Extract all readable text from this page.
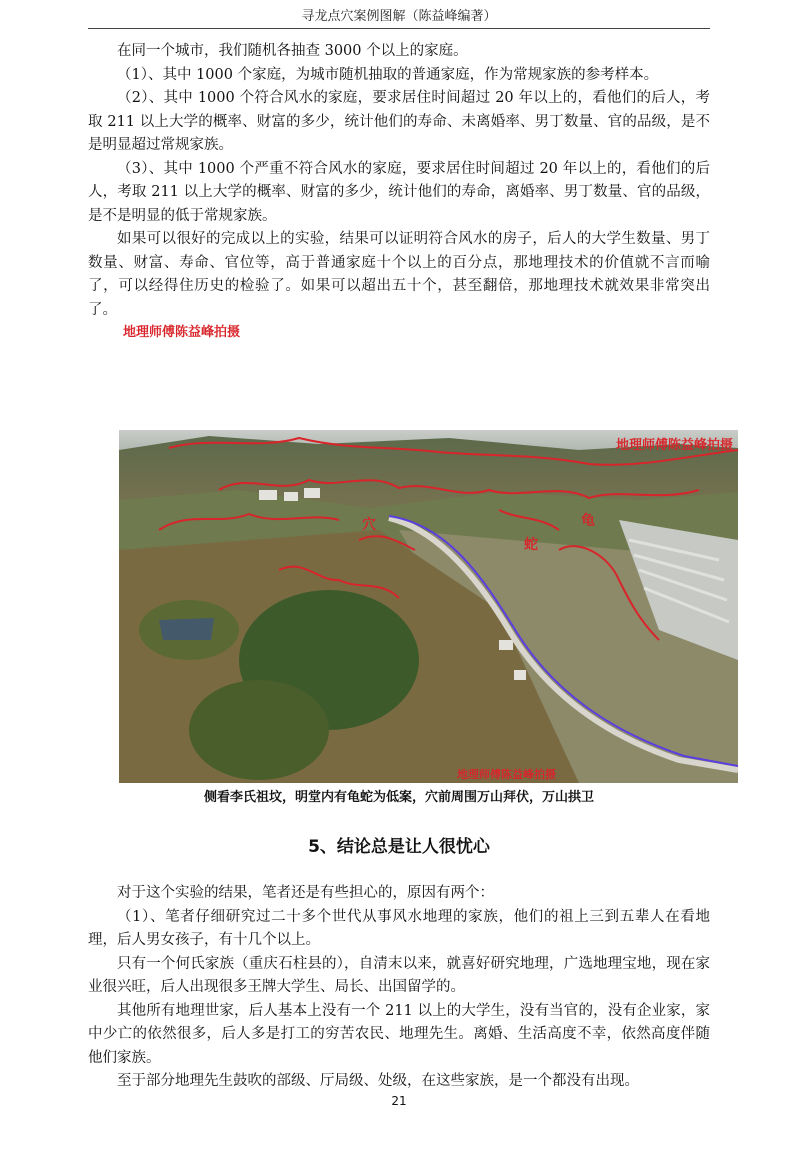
寻龙点穴案例图解（陈益峰编著）

在同一个城市，我们随机各抽查 3000 个以上的家庭。

（1）、其中 1000 个家庭，为城市随机抽取的普通家庭，作为常规家族的参考样本。

（2）、其中 1000 个符合风水的家庭，要求居住时间超过 20 年以上的，看他们的后人，考取 211 以上大学的概率、财富的多少，统计他们的寿命、未离婚率、男丁数量、官的品级，是不是明显超过常规家族。

（3）、其中 1000 个严重不符合风水的家庭，要求居住时间超过 20 年以上的，看他们的后人，考取 211 以上大学的概率、财富的多少，统计他们的寿命，离婚率、男丁数量、官的品级，是不是明显的低于常规家族。

如果可以很好的完成以上的实验，结果可以证明符合风水的房子，后人的大学生数量、男丁数量、财富、寿命、官位等，高于普通家庭十个以上的百分点，那地理技术的价值就不言而喻了，可以经得住历史的检验了。如果可以超出五十个，甚至翻倍，那地理技术就效果非常突出了。

地理师傅陈益峰拍摄
地理师傅陈益峰拍摄
地理师傅陈益峰拍摄
穴	龟
蛇
侧看李氏祖坟，明堂内有龟蛇为低案，穴前周围万山拜伏，万山拱卫
5、结论总是让人很忧心

对于这个实验的结果，笔者还是有些担心的，原因有两个：

（1）、笔者仔细研究过二十多个世代从事风水地理的家族，他们的祖上三到五辈人在看地理，后人男女孩子，有十几个以上。

只有一个何氏家族（重庆石柱县的），自清末以来，就喜好研究地理，广选地理宝地，现在家业很兴旺，后人出现很多王牌大学生、局长、出国留学的。

其他所有地理世家，后人基本上没有一个 211 以上的大学生，没有当官的，没有企业家，家中少亡的依然很多，后人多是打工的穷苦农民、地理先生。离婚、生活高度不幸，依然高度伴随他们家族。

至于部分地理先生鼓吹的部级、厅局级、处级，在这些家族，是一个都没有出现。

21
